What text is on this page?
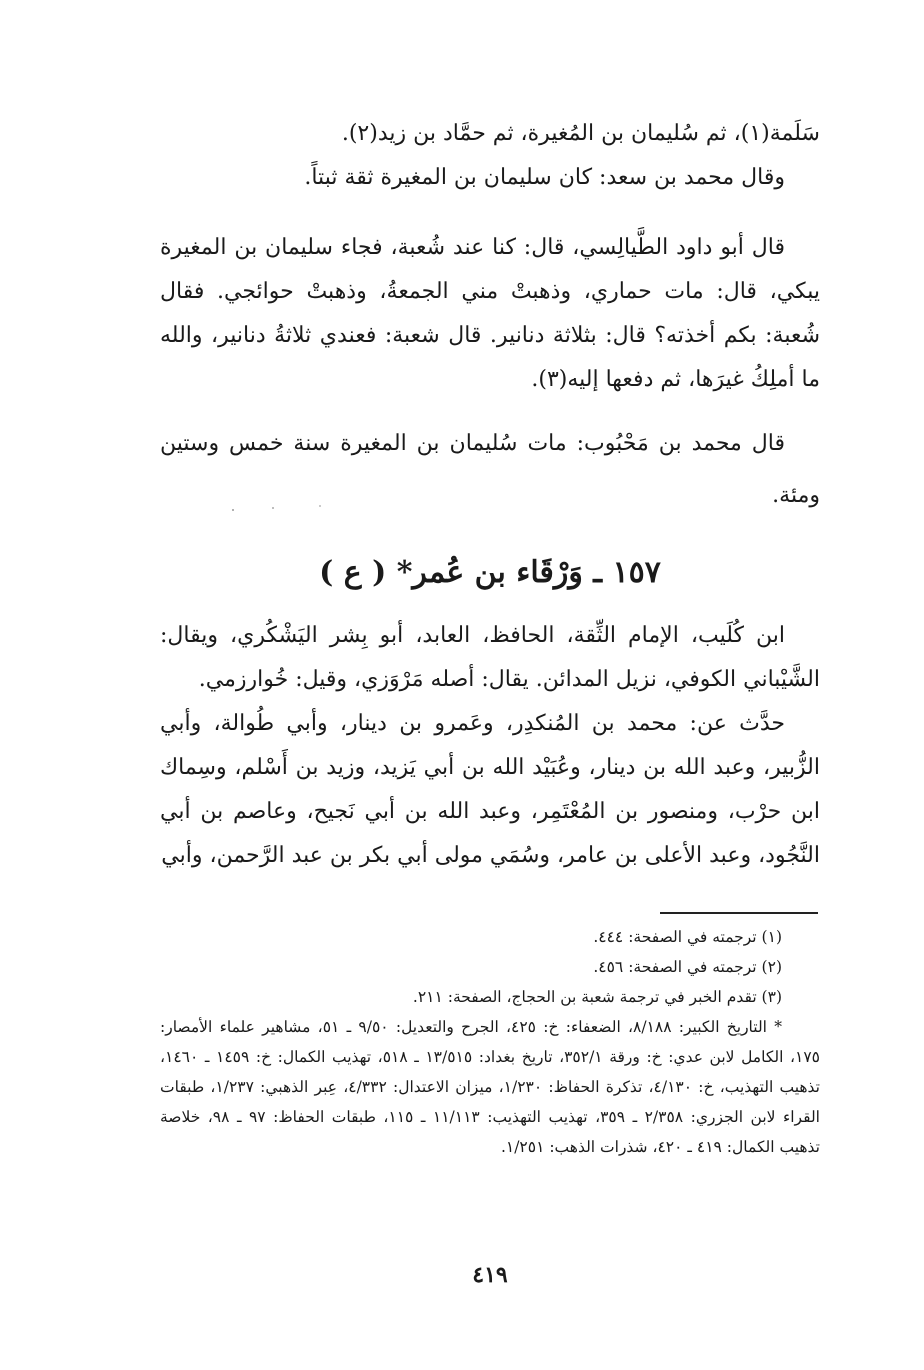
سَلَمة(١)، ثم سُليمان بن المُغيرة، ثم حمَّاد بن زيد(٢).

وقال محمد بن سعد: كان سليمان بن المغيرة ثقة ثبتاً.

قال أبو داود الطَّيالِسي، قال: كنا عند شُعبة، فجاء سليمان بن المغيرة يبكي، قال: مات حماري، وذهبتْ مني الجمعةُ، وذهبتْ حوائجي. فقال شُعبة: بكم أخذته؟ قال: بثلاثة دنانير. قال شعبة: فعندي ثلاثةُ دنانير، والله ما أملِكُ غيرَها، ثم دفعها إليه(٣).

قال محمد بن مَحْبُوب: مات سُليمان بن المغيرة سنة خمس وستين ومئة.

١٥٧ ـ وَرْقَاء بن عُمر* ( ع )

ابن كُلَيب، الإمام الثِّقة، الحافظ، العابد، أبو بِشر اليَشْكُري، ويقال: الشَّيْباني الكوفي، نزيل المدائن. يقال: أصله مَرْوَزي، وقيل: خُوارزمي.

حدَّث عن: محمد بن المُنكدِر، وعَمرو بن دينار، وأبي طُوالة، وأبي الزُّبير، وعبد الله بن دينار، وعُبَيْد الله بن أبي يَزيد، وزيد بن أَسْلم، وسِماك ابن حرْب، ومنصور بن المُعْتَمِر، وعبد الله بن أبي نَجيح، وعاصم بن أبي النَّجُود، وعبد الأعلى بن عامر، وسُمَي مولى أبي بكر بن عبد الرَّحمن، وأبي

(١) ترجمته في الصفحة: ٤٤٤.

(٢) ترجمته في الصفحة: ٤٥٦.

(٣) تقدم الخبر في ترجمة شعبة بن الحجاج، الصفحة: ٢١١.

* التاريخ الكبير: ٨/١٨٨، الضعفاء: خ: ٤٢٥، الجرح والتعديل: ٩/٥٠ ـ ٥١، مشاهير علماء الأمصار: ١٧٥، الكامل لابن عدي: خ: ورقة ٣٥٢/١، تاريخ بغداد: ١٣/٥١٥ ـ ٥١٨، تهذيب الكمال: خ: ١٤٥٩ ـ ١٤٦٠، تذهيب التهذيب، خ: ٤/١٣٠، تذكرة الحفاظ: ١/٢٣٠، ميزان الاعتدال: ٤/٣٣٢، عِبر الذهبي: ١/٢٣٧، طبقات القراء لابن الجزري: ٢/٣٥٨ ـ ٣٥٩، تهذيب التهذيب: ١١/١١٣ ـ ١١٥، طبقات الحفاظ: ٩٧ ـ ٩٨، خلاصة تذهيب الكمال: ٤١٩ ـ ٤٢٠، شذرات الذهب: ١/٢٥١.

٤١٩
